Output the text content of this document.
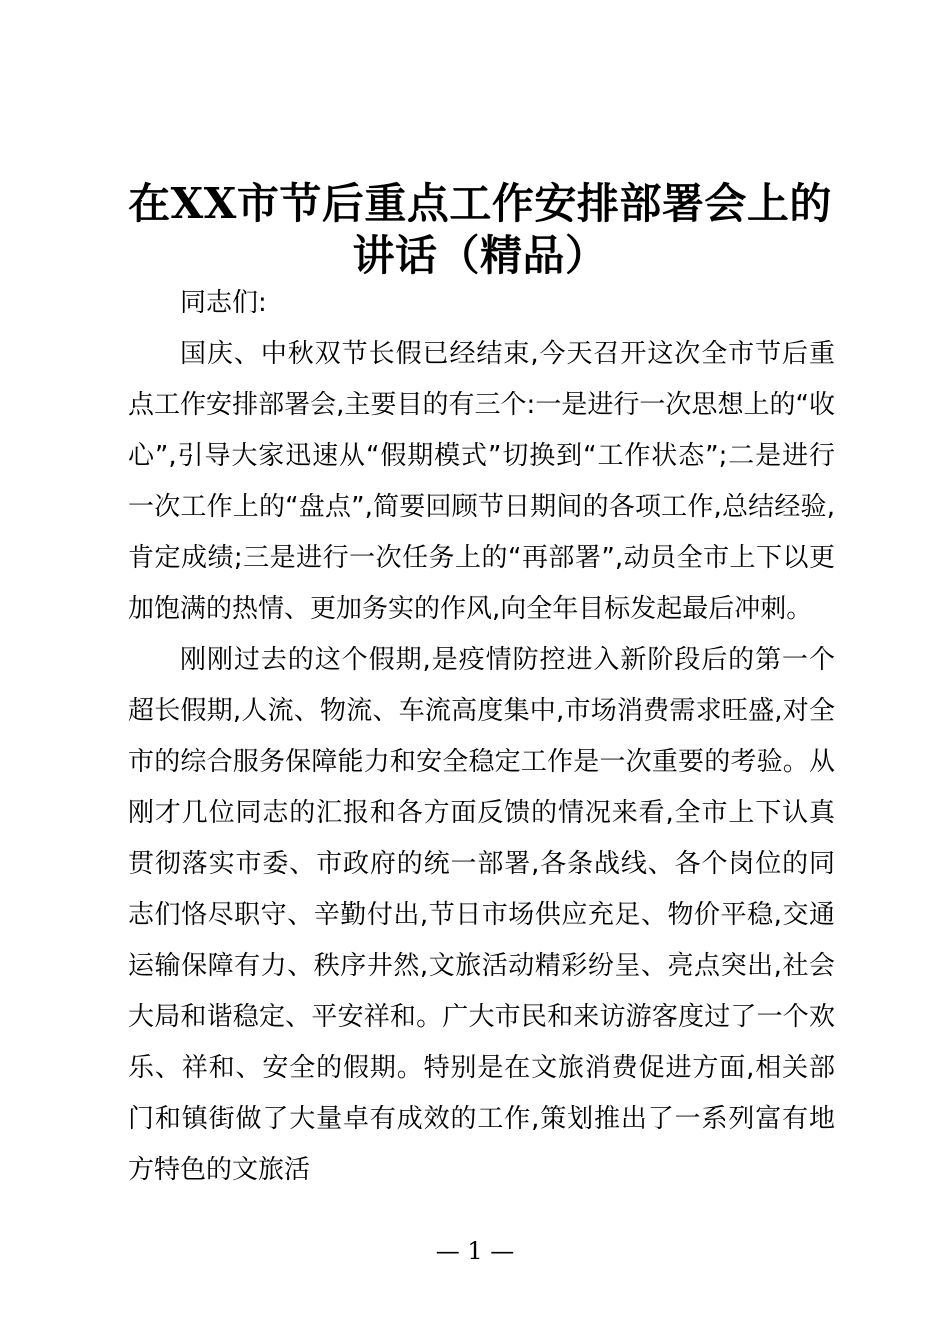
在XX市节后重点工作安排部署会上的
讲话（精品）

同志们:

国庆、中秋双节长假已经结束,今天召开这次全市节后重点工作安排部署会,主要目的有三个:一是进行一次思想上的“收心”,引导大家迅速从“假期模式”切换到“工作状态”;二是进行一次工作上的“盘点”,简要回顾节日期间的各项工作,总结经验,肯定成绩;三是进行一次任务上的“再部署”,动员全市上下以更加饱满的热情、更加务实的作风,向全年目标发起最后冲刺。

刚刚过去的这个假期,是疫情防控进入新阶段后的第一个超长假期,人流、物流、车流高度集中,市场消费需求旺盛,对全市的综合服务保障能力和安全稳定工作是一次重要的考验。从刚才几位同志的汇报和各方面反馈的情况来看,全市上下认真贯彻落实市委、市政府的统一部署,各条战线、各个岗位的同志们恪尽职守、辛勤付出,节日市场供应充足、物价平稳,交通运输保障有力、秩序井然,文旅活动精彩纷呈、亮点突出,社会大局和谐稳定、平安祥和。广大市民和来访游客度过了一个欢乐、祥和、安全的假期。特别是在文旅消费促进方面,相关部门和镇街做了大量卓有成效的工作,策划推出了一系列富有地方特色的文旅活

— 1 —
